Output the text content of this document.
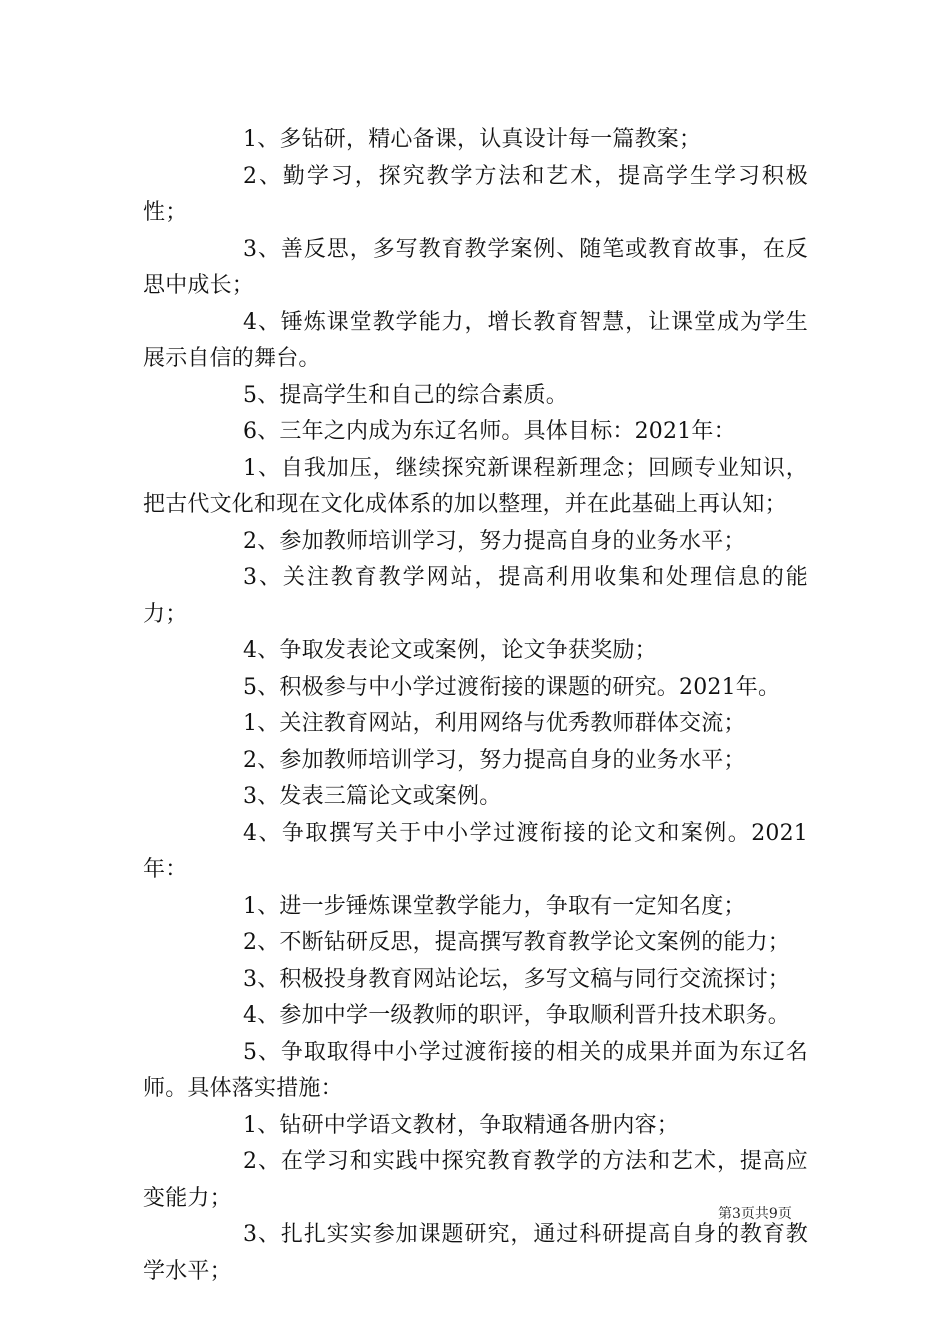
1、多钻研，精心备课，认真设计每一篇教案；

2、勤学习，探究教学方法和艺术，提高学生学习积极性；

3、善反思，多写教育教学案例、随笔或教育故事，在反思中成长；

4、锤炼课堂教学能力，增长教育智慧，让课堂成为学生展示自信的舞台。

5、提高学生和自己的综合素质。

6、三年之内成为东辽名师。具体目标：2021年：

1、自我加压，继续探究新课程新理念；回顾专业知识，把古代文化和现在文化成体系的加以整理，并在此基础上再认知；

2、参加教师培训学习，努力提高自身的业务水平；

3、关注教育教学网站，提高利用收集和处理信息的能力；

4、争取发表论文或案例，论文争获奖励；

5、积极参与中小学过渡衔接的课题的研究。2021年。

1、关注教育网站，利用网络与优秀教师群体交流；

2、参加教师培训学习，努力提高自身的业务水平；

3、发表三篇论文或案例。

4、争取撰写关于中小学过渡衔接的论文和案例。2021年：

1、进一步锤炼课堂教学能力，争取有一定知名度；

2、不断钻研反思，提高撰写教育教学论文案例的能力；

3、积极投身教育网站论坛，多写文稿与同行交流探讨；

4、参加中学一级教师的职评，争取顺利晋升技术职务。

5、争取取得中小学过渡衔接的相关的成果并面为东辽名师。具体落实措施：

1、钻研中学语文教材，争取精通各册内容；

2、在学习和实践中探究教育教学的方法和艺术，提高应变能力；

3、扎扎实实参加课题研究，通过科研提高自身的教育教学水平；

第3页共9页
